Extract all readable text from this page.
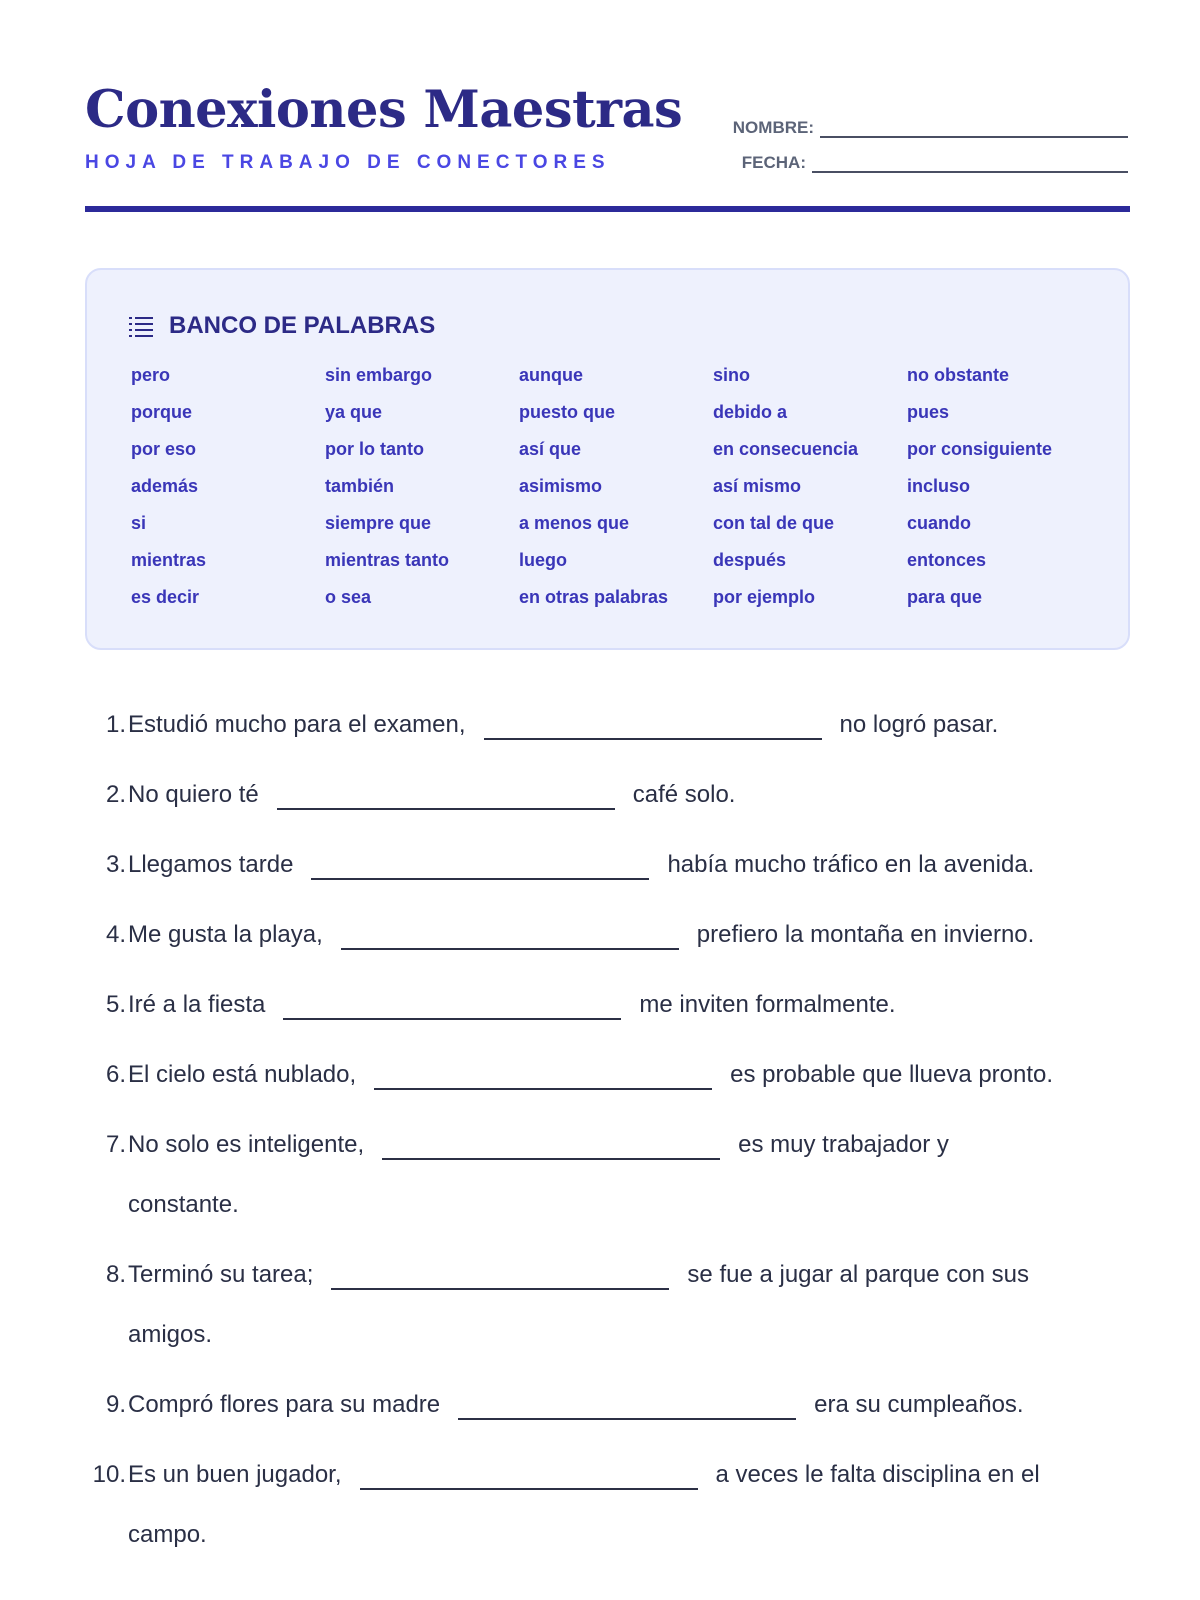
Conexiones Maestras
HOJA DE TRABAJO DE CONECTORES
NOMBRE:
FECHA:
BANCO DE PALABRAS
pero	sin embargo	aunque	sino	no obstante
porque	ya que	puesto que	debido a	pues
por eso	por lo tanto	así que	en consecuencia	por consiguiente
además	también	asimismo	así mismo	incluso
si	siempre que	a menos que	con tal de que	cuando
mientras	mientras tanto	luego	después	entonces
es decir	o sea	en otras palabras	por ejemplo	para que
1. Estudió mucho para el examen,	no logró pasar.
2. No quiero té	café solo.
3. Llegamos tarde	había mucho tráfico en la avenida.
4. Me gusta la playa,	prefiero la montaña en invierno.
5. Iré a la fiesta	me inviten formalmente.
6. El cielo está nublado,	es probable que llueva pronto.
7. No solo es inteligente,	es muy trabajador y
constante.
8. Terminó su tarea;	se fue a jugar al parque con sus
amigos.
9. Compró flores para su madre	era su cumpleaños.
10. Es un buen jugador,	a veces le falta disciplina en el
campo.
